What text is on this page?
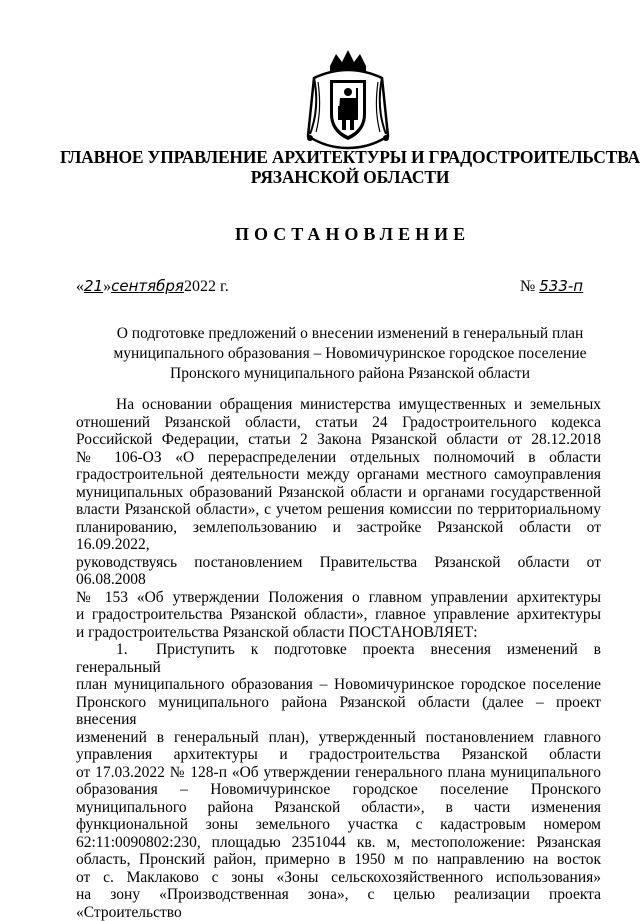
ГЛАВНОЕ УПРАВЛЕНИЕ АРХИТЕКТУРЫ И ГРАДОСТРОИТЕЛЬСТВА
РЯЗАНСКОЙ ОБЛАСТИ
ПОСТАНОВЛЕНИЕ
«21»сентября2022 г.	№ 533-п
О подготовке предложений о внесении изменений в генеральный план
муниципального образования – Новомичуринское городское поселение
Пронского муниципального района Рязанской области

На основании обращения министерства имущественных и земельных
отношений Рязанской области, статьи 24 Градостроительного кодекса
Российской Федерации, статьи 2 Закона Рязанской области от 28.12.2018
№ 106-ОЗ «О перераспределении отдельных полномочий в области
градостроительной деятельности между органами местного самоуправления
муниципальных образований Рязанской области и органами государственной
власти Рязанской области», с учетом решения комиссии по территориальному
планированию, землепользованию и застройке Рязанской области от 16.09.2022,
руководствуясь постановлением Правительства Рязанской области от 06.08.2008
№ 153 «Об утверждении Положения о главном управлении архитектуры
и градостроительства Рязанской области», главное управление архитектуры
и градостроительства Рязанской области ПОСТАНОВЛЯЕТ:

1. Приступить к подготовке проекта внесения изменений в генеральный
план муниципального образования – Новомичуринское городское поселение
Пронского муниципального района Рязанской области (далее – проект внесения
изменений в генеральный план), утвержденный постановлением главного
управления архитектуры и градостроительства Рязанской области
от 17.03.2022 № 128-п «Об утверждении генерального плана муниципального
образования – Новомичуринское городское поселение Пронского
муниципального района Рязанской области», в части изменения
функциональной зоны земельного участка с кадастровым номером
62:11:0090802:230, площадью 2351044 кв. м, местоположение: Рязанская
область, Пронский район, примерно в 1950 м по направлению на восток
от с. Маклаково с зоны «Зоны сельскохозяйственного использования»
на зону «Производственная зона», с целью реализации проекта «Строительство
